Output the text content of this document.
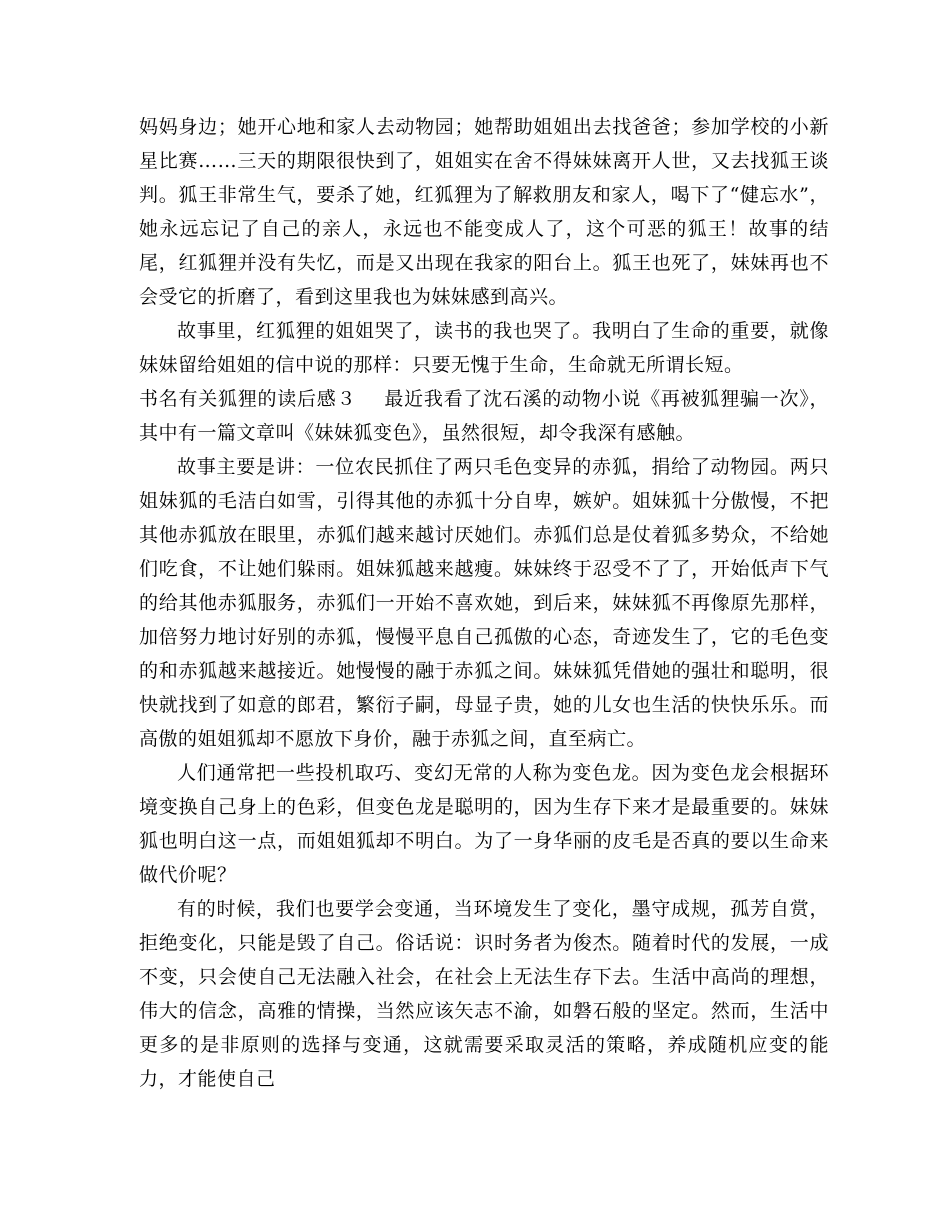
妈妈身边；她开心地和家人去动物园；她帮助姐姐出去找爸爸；参加学校的小新星比赛……三天的期限很快到了，姐姐实在舍不得妹妹离开人世，又去找狐王谈判。狐王非常生气，要杀了她，红狐狸为了解救朋友和家人，喝下了“健忘水”，她永远忘记了自己的亲人，永远也不能变成人了，这个可恶的狐王！故事的结尾，红狐狸并没有失忆，而是又出现在我家的阳台上。狐王也死了，妹妹再也不会受它的折磨了，看到这里我也为妹妹感到高兴。

故事里，红狐狸的姐姐哭了，读书的我也哭了。我明白了生命的重要，就像妹妹留给姐姐的信中说的那样：只要无愧于生命，生命就无所谓长短。

书名有关狐狸的读后感３ 最近我看了沈石溪的动物小说《再被狐狸骗一次》，其中有一篇文章叫《妹妹狐变色》，虽然很短，却令我深有感触。

故事主要是讲：一位农民抓住了两只毛色变异的赤狐，捐给了动物园。两只姐妹狐的毛洁白如雪，引得其他的赤狐十分自卑，嫉妒。姐妹狐十分傲慢，不把其他赤狐放在眼里，赤狐们越来越讨厌她们。赤狐们总是仗着狐多势众，不给她们吃食，不让她们躲雨。姐妹狐越来越瘦。妹妹终于忍受不了了，开始低声下气的给其他赤狐服务，赤狐们一开始不喜欢她，到后来，妹妹狐不再像原先那样，加倍努力地讨好别的赤狐，慢慢平息自己孤傲的心态，奇迹发生了，它的毛色变的和赤狐越来越接近。她慢慢的融于赤狐之间。妹妹狐凭借她的强壮和聪明，很快就找到了如意的郎君，繁衍子嗣，母显子贵，她的儿女也生活的快快乐乐。而高傲的姐姐狐却不愿放下身价，融于赤狐之间，直至病亡。

人们通常把一些投机取巧、变幻无常的人称为变色龙。因为变色龙会根据环境变换自己身上的色彩，但变色龙是聪明的，因为生存下来才是最重要的。妹妹狐也明白这一点，而姐姐狐却不明白。为了一身华丽的皮毛是否真的要以生命来做代价呢？

有的时候，我们也要学会变通，当环境发生了变化，墨守成规，孤芳自赏，拒绝变化，只能是毁了自己。俗话说：识时务者为俊杰。随着时代的发展，一成不变，只会使自己无法融入社会，在社会上无法生存下去。生活中高尚的理想，伟大的信念，高雅的情操，当然应该矢志不渝，如磐石般的坚定。然而，生活中更多的是非原则的选择与变通，这就需要采取灵活的策略，养成随机应变的能力，才能使自己
